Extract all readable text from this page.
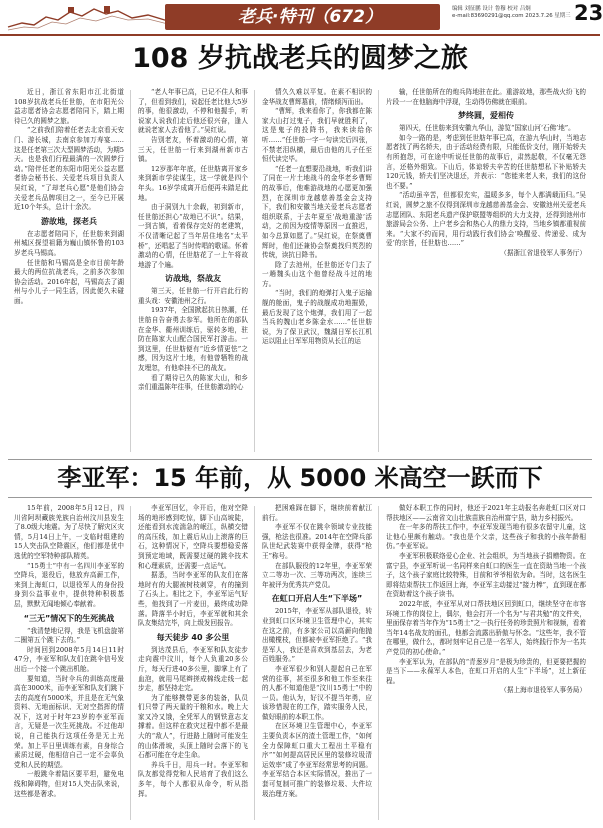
老兵·特刊（672）	编辑 刘征鹏 设计 鲁穆 校对 吕炯
e-mail:83690291@qq.com 2023.7.26 星期三 23
108 岁抗战老兵的圆梦之旅

近日，浙江省东阳市江北街道108岁抗战老兵任世舫，在市阳光公益志愿者协会志愿者陪同下，踏上期待已久的圆梦之旅。

“之前我们陪着任老去北京看天安门、游长城，去南京参加万寿宴……这是任老第三次大型圆梦活动，为期5天。也是我们行程最满的一次圆梦行动。”陪伴任老的东阳市阳光公益志愿者协会秘书长、关爱老兵项目负责人吴红说，“了却老兵心愿”是他们协会关爱老兵品牌项目之一，至今已开展近10个年头，总计十余次。

游故地，探老兵

在志愿者陪同下，任世舫来到湖州城区探望祖籍为巍山镇怀鲁的103岁老兵马锡高。

任世舫和马锡高是全市目前年龄最大的两位抗战老兵，之前多次参加协会活动。2016年起，马锡高去了湖州与小儿子一同生活，因此便久未碰面。

“老人年事已高，已记不住人和事了，但看到我们，说起任老比他大5岁的事，他很激动，不停和他握手，听说家人说我们走后他还很兴奋，逢人就说老家人去看他了。”吴红说。

告别老友，怀着激动的心情，第三天，任世舫一行来到湖州新市古镇。

12岁那年年底，任世舫离开家乡来到新市学徒谋生，这一学就是四个年头。16岁学成离开后便再未踏足此地。

由于洞别九十余载，初到新市，任世舫还担心“故地已不识”。结果，一到古镇，看着保存完好的老建筑，不仅清晰记起了当年居住地名“太平桥”，还唱起了当时传唱的歌谣。怀着激动的心情，任世舫花了一上午将故地游了个遍。

访战地，祭战友

第三天，任世舫一行开启此行的重头戏：安徽池州之行。

1937年，全国掀起抗日热潮，任世舫自告奋勇去参军。他所在的部队在金华、衢州训练后，驱转多地，驻防在陈家大山配合国民军打游击。一到这里，任世舫便有“近乡情更怯”之感，因为这片土地，有他曾牺牲的战友埋忽，有他牵挂不已的战友。

看了期待已久的陈家大山，和乡亲们重温陈年往事，任世舫激动的心

情久久难以平复。在素不相识的金华战友曹辉墓前，情绪倾泻而出。

“曹辉，我来看你了，你我都在陈家大山打过鬼子，我们早就胜利了，这是鬼子的投降书，我来读给你听……”任世舫一字一句读完后四张，不禁老泪纵横，最后由他的儿子任至恒代读完毕。

“任老一直想要沿战地，听我们讲了同在一片土地战斗的金华老乡曹辉的故事后，他难游战地的心愿更加强烈，在深圳市龙越慈善基金会支持下，我们和安徽当地关爱老兵志愿者组织联系，于去年夏至‘战地重游’活动，之前因为疫情等原因一直推迟，如今总算如愿了。”吴红说，在祭奠曹辉时，他们还兼协会祭奠找归英烈的传统，读抗日降书。

除了去池州，任世舫还专门去了一趟魏头山这个他曾经战斗过的地方。

“当时，我们的炮弹打入鬼子运输舰的舱面，鬼子的战舰成功地摧毁，最后发现了这个炮弹，我们用了一起当兵的魏山老乡陈金水……”任世舫说，为了保卫武汉，魏湖日军长江机运以阻止日军军用物资从长江的运

输，任世舫所在的炮兵阵地驻在此。重游故地，那些战火纷飞的片段一一在他脑海中浮现，生动得仿佛就在眼前。

梦终圆，爱相传

第四天，任世舫来到安徽九华山，游览“国家山河‘石佛’地”。

如今一路的是，考虑到任世舫年事已高，在游九华山时，当地志愿者找了两名轿夫，由于活动经费有限，只能低价支付，刚开始轿夫有所抱怨，可在途中听说任世舫的故事后，肃然起敬，不仅毫无怨言，还格外细致。下山后，体谅轿夫辛苦的任世舫想私下补贴轿夫120元钱，轿夫们坚决退还，并表示：“您能来老人来，我们的这份也不要。”

“活动虽辛苦，但都很充实，温暖多多，每个人都满载而归。”吴红说，圆梦之旅不仅得到深圳市龙越慈善基金会、安徽池州关爱老兵志愿团队、东阳老兵遗产保护联盟等组织的大力支持，还得到池州市旅游局会公务、上户老乡会和热心人的鼎力支持，当地乡镇都重视前来。“大家不约而同，用行动践行我们协会‘唤醒爱、传递爱、成为爱’的宗旨，任世舫也……”

（据浙江省退役军人事务厅）

李亚军：15 年前，从 5000 米高空一跃而下

15年前，2008年5月12日，四川省阿坝藏族羌族自治州汶川县发生了8.0级大地震。为了尽快了解灾区灾情，5月14日上午，一支临时组建的15人突击队空降震区，他们都是优中选优的空军特种部队精英。

“15勇士”中有一名四川李亚军的空降兵，退役后，他放弃高薪工作，来到上海虹口，以退役军人的身份投身到公益事业中，提供特种积极基层，默默无闻地倾心奉献着。

“三无”情况下的生死挑战

“我清楚地记得，我是飞机盘旋第二圈第五个跳下去的。”

时间回到2008年5月14日11时47分，李亚军和队友们在跳伞信号发出后一个接一个跳出机舱。

要知道，当时伞兵的训练高度最高在3000米，而李亚军和队友们跳下去的高度有5000米，并且是在无气象资料、无地面标识、无对空指挥的情况下，这对于时年23岁的李亚军而言，无疑是一次生死挑战。不过他却说，自己能执行这项任务是无上光荣。加上平日里训练有素，自身综合素质过硬，他相信自己一定不会辜负党和人民的期望。

一般跳伞着陆区要平坦，避免电线和障碍物，但对15人突击队来说，这些都是奢求。

李亚军回忆，伞开后，他对空降场的地形感到吃惊，脚下山高坡陡，还能看到水流湍急的岷江，纵横交错的高压线，加上震后从山上滚落的巨石，这种情况下，空降兵要想稳妥落到预定地域，既需要过硬的跳伞技术和心理素质，还需要一点运气。

据悉，当时李亚军的队友们在落地时有的大腿被树枝刺穿，有的撞到了石头上。相比之下，李亚军运气好些，他找到了一片麦田，最终成功降落。降落半小时后，李亚军就和其余队友集结完毕，向上级发回报告。

每天徒步 40 多公里

到达茂县后，李亚军和队友徒步走向震中汶川，每个人负重20多公斤，每天行进40多公里，脚掌上有了血泡，就用马尾辫搓成棉线走线一起步走，都坚持走完。

为了能够携带更多的装备，队员们只带了两天量的干粮和水。晚上大家又冷又饿，全凭军人的钢铁意志支撑着。但这样在救灾过程中都不是最大的“敌人”，行进路上随时可能发生的山体滑坡，头顶上随时会落下的飞石都可能在夺走生命。

养兵千日，用兵一时。李亚军和队友都觉得党和人民培育了我们这么多年，每个人都很从命令，听从指挥。

把困难踩在脚下，继续前着献江前行。

李亚军不仅在跳伞领域专业技能强，枪法也很准。2014年在空降兵部队世纪武装赛中获得金牌，获得“枪王”称号。

在部队服役的12年里，李亚军荣立二等功一次、三等功两次，连续三年被评为优秀共产党员。

在虹口开启人生“下半场”

2015年，李亚军从部队退役，转业到虹口区环境卫生管理中心，其实在这之前，有多家公司以高薪向他抛出橄榄枝，但都被李亚军拒绝了。“我是军人，我还是喜欢到基层去，为老百姓服务。”

李亚军很少和别人提起自己在军营的往事，甚至很多和他工作至来往的人都不知道他是“汶川15勇士”中的一员。他认为，好汉不提当年勇，应该珍惜现在的工作，踏实服务人民，做好眼前的本职工作。

在区环境卫生管理中心，李亚军主要负责本区的渣土管理工作，“如何全力保障虹口重大工程出土平稳有序”“如何提高居民区里的装修垃圾清运效率”成了李亚军经常思考的问题。李亚军结合本区实际情况，推出了一套可复制可推广的装修垃圾、大件垃圾治理方案。

做好本职工作的同时，他还于2021年主动报名奔赴虹口区对口帮扶地区——云南省文山壮族苗族自治州富宁县，助力乡村振兴。

在一年多的帮扶工作中，李亚军发现当地有很多农留守儿童，这让他心里颇有触动。“我也是个父亲，这些孩子和我的小孩年龄相仿。”李亚军说。

李亚军积极联络爱心企业、社会组织，为当地孩子捐赠物资。在富宁县，李亚军听说一名同样来自虹口的医生一直在资助当地一个孩子，这个孩子家庭比较特殊，目前和爷爷相依为命。当时，这名医生即将结束帮扶工作返回上海，李亚军主动接过“接力棒”，直到现在都在资助着这个孩子读书。

2022年底，李亚军从对口帮扶地区回到虹口，继续坚守在市容环境工作的岗位上，偶尔，他会打开一个名为“与君共勉”的文件夹，里面保存着当年作为“15勇士”之一执行任务的珍贵照片和视频，看着当年14名战友的面孔，他都会流露出骄傲与怀念。“这些年，我不管在哪里，做什么，都时刻牢记自己是一名军人，始终践行作为一名共产党员的初心使命。”

李亚军认为，在部队的“青葱岁月”是极为珍贵的，但更要把握的是当下——永葆军人本色，在虹口开启的人生“下半场”，过上新征程。

（据上海市退役军人事务局）
